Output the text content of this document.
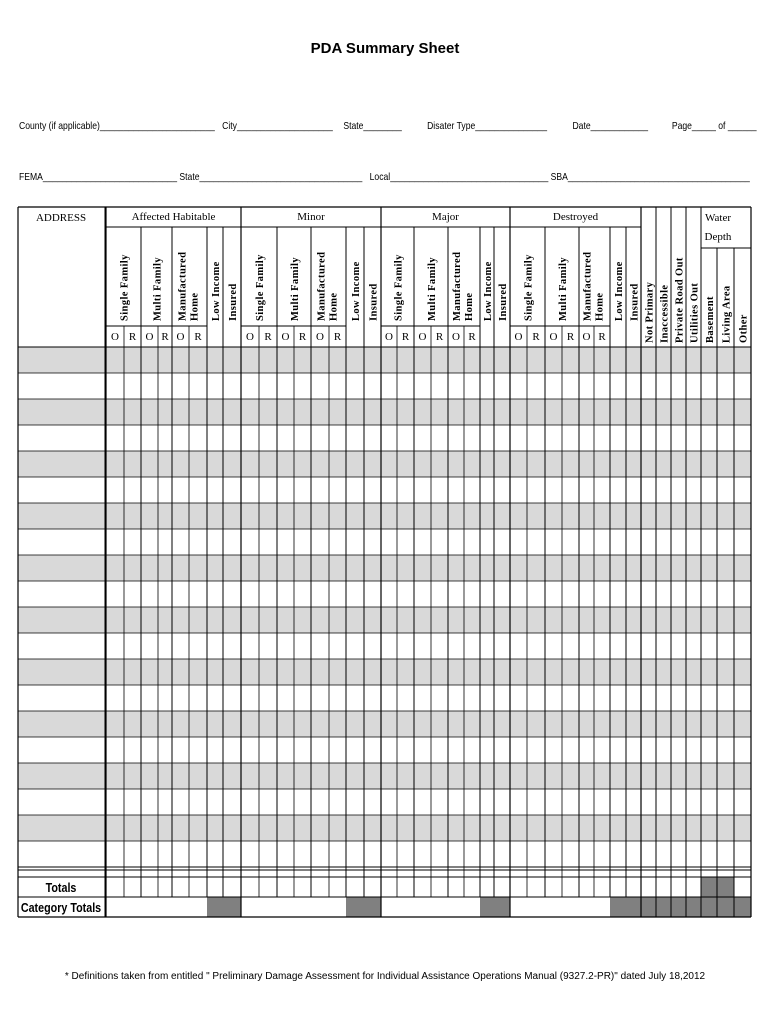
PDA Summary Sheet
County (if applicable)________________________ City____________________ State________ Disater Type_______________ Date____________ Page_____ of ______
FEMA____________________________ State__________________________________ Local_________________________________ SBA______________________________________
ADDRESS	Affected Habitable
Single Family Multi Family Manufactured Home Low Income Insured
O R O R O R
Minor
Single Family Multi Family Manufactured Home Low Income Insured
O R O R O R
Major
Single Family Multi Family Manufactured Home Low Income Insured
O R O R O R
Destroyed
Single Family Multi Family Manufactured Home Low Income Insured
O R O R O R	Not Primary Inaccessible Private Road Out Utilities Out
Water
Depth
Basement Living Area Other
Totals
Category Totals
* Definitions taken from entitled " Preliminary Damage Assessment for Individual Assistance Operations Manual (9327.2-PR)" dated July 18,2012
